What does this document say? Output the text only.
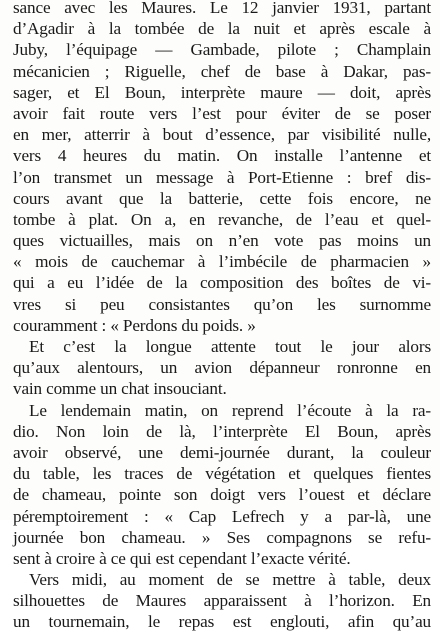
sance avec les Maures. Le 12 janvier 1931, partant
d’Agadir à la tombée de la nuit et après escale à
Juby, l’équipage — Gambade, pilote ; Champlain
mécanicien ; Riguelle, chef de base à Dakar, pas-
sager, et El Boun, interprète maure — doit, après
avoir fait route vers l’est pour éviter de se poser
en mer, atterrir à bout d’essence, par visibilité nulle,
vers 4 heures du matin. On installe l’antenne et
l’on transmet un message à Port-Etienne : bref dis-
cours avant que la batterie, cette fois encore, ne
tombe à plat. On a, en revanche, de l’eau et quel-
ques victuailles, mais on n’en vote pas moins un
« mois de cauchemar à l’imbécile de pharmacien »
qui a eu l’idée de la composition des boîtes de vi-
vres si peu consistantes qu’on les surnomme
couramment : « Perdons du poids. »
Et c’est la longue attente tout le jour alors
qu’aux alentours, un avion dépanneur ronronne en
vain comme un chat insouciant.
Le lendemain matin, on reprend l’écoute à la ra-
dio. Non loin de là, l’interprète El Boun, après
avoir observé, une demi-journée durant, la couleur
du table, les traces de végétation et quelques fientes
de chameau, pointe son doigt vers l’ouest et déclare
péremptoirement : « Cap Lefrech y a par-là, une
journée bon chameau. » Ses compagnons se refu-
sent à croire à ce qui est cependant l’exacte vérité.
Vers midi, au moment de se mettre à table, deux
silhouettes de Maures apparaissent à l’horizon. En
un tournemain, le repas est englouti, afin qu’au
